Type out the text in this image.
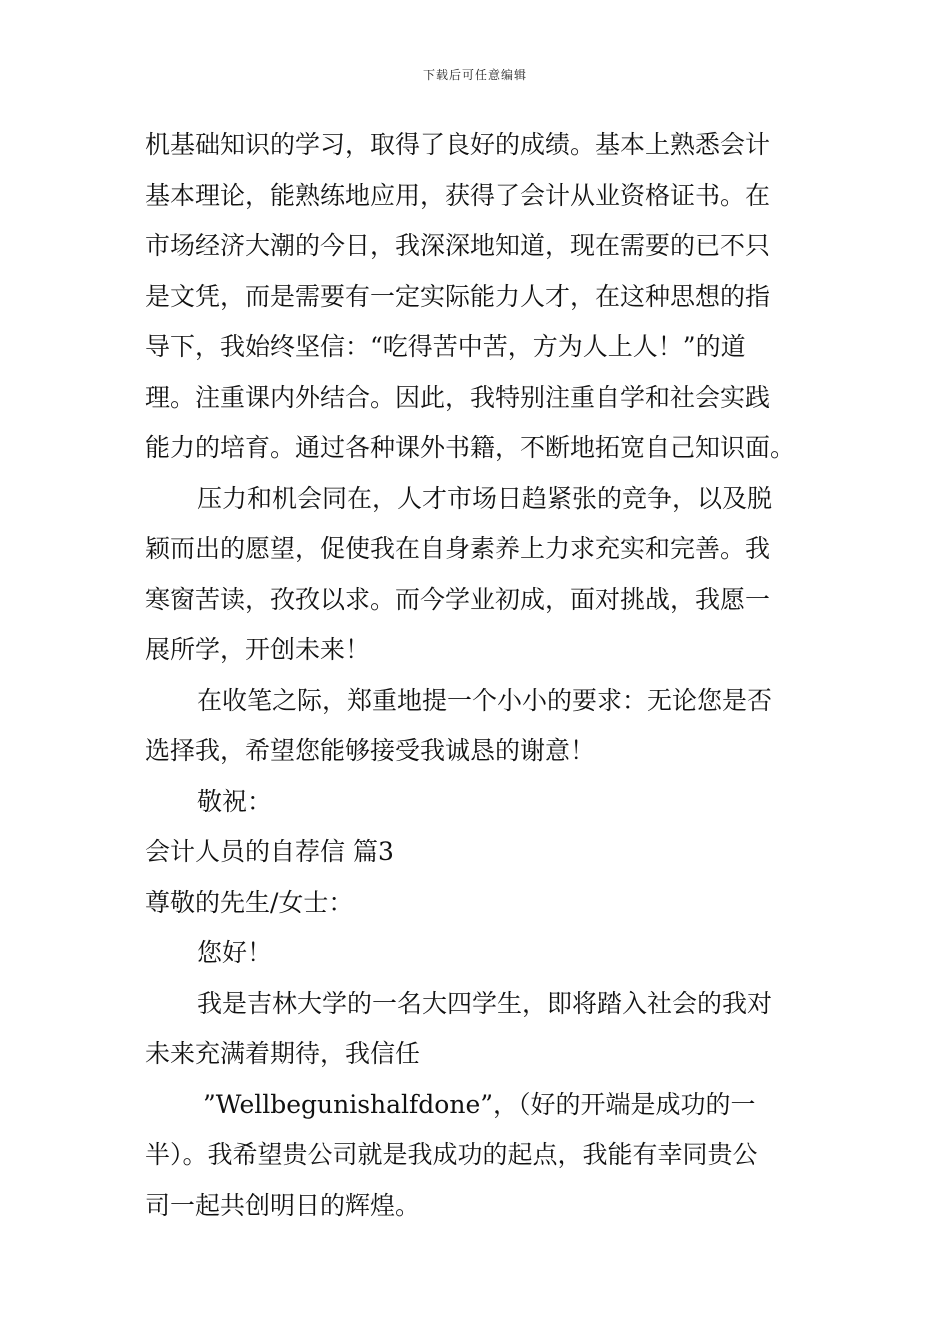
下载后可任意编辑
机基础知识的学习，取得了良好的成绩。基本上熟悉会计
基本理论，能熟练地应用，获得了会计从业资格证书。在
市场经济大潮的今日，我深深地知道，现在需要的已不只
是文凭，而是需要有一定实际能力人才，在这种思想的指
导下，我始终坚信：“吃得苦中苦，方为人上人！”的道
理。注重课内外结合。因此，我特别注重自学和社会实践
能力的培育。通过各种课外书籍，不断地拓宽自己知识面。
压力和机会同在，人才市场日趋紧张的竞争，以及脱
颖而出的愿望，促使我在自身素养上力求充实和完善。我
寒窗苦读，孜孜以求。而今学业初成，面对挑战，我愿一
展所学，开创未来！
在收笔之际，郑重地提一个小小的要求：无论您是否
选择我，希望您能够接受我诚恳的谢意！
敬祝：
会计人员的自荐信 篇3
尊敬的先生/女士：
您好！
我是吉林大学的一名大四学生，即将踏入社会的我对
未来充满着期待，我信任
”Wellbegunishalfdone”，（好的开端是成功的一
半）。我希望贵公司就是我成功的起点，我能有幸同贵公
司一起共创明日的辉煌。
